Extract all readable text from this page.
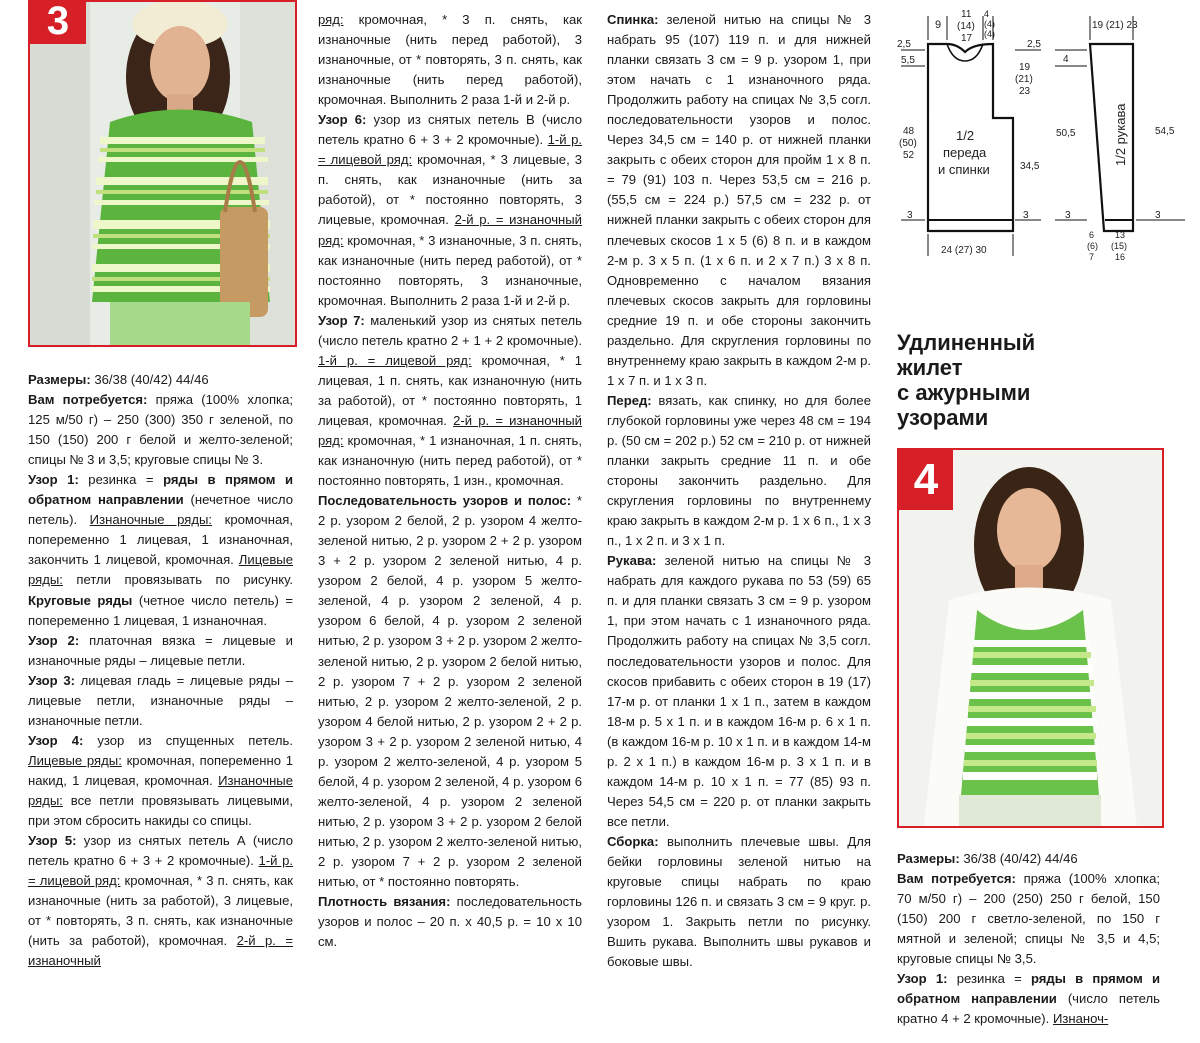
3

Размеры: 36/38 (40/42) 44/46

Вам потребуется: пряжа (100% хлопка; 125 м/50 г) – 250 (300) 350 г зеленой, по 150 (150) 200 г белой и желто-зеленой; спицы № 3 и 3,5; круговые спицы № 3.

Узор 1: резинка = ряды в прямом и обратном направлении (нечетное число петель). Изнаночные ряды: кромочная, попеременно 1 лицевая, 1 изнаночная, закончить 1 лицевой, кромочная. Лицевые ряды: петли провязывать по рисунку. Круговые ряды (четное число петель) = попеременно 1 лицевая, 1 изнаночная.

Узор 2: платочная вязка = лицевые и изнаночные ряды – лицевые петли.

Узор 3: лицевая гладь = лицевые ряды – лицевые петли, изнаночные ряды – изнаночные петли.

Узор 4: узор из спущенных петель. Лицевые ряды: кромочная, попеременно 1 накид, 1 лицевая, кромочная. Изнаночные ряды: все петли провязывать лицевыми, при этом сбросить накиды со спицы.

Узор 5: узор из снятых петель А (число петель кратно 6 + 3 + 2 кромочные). 1-й р. = лицевой ряд: кромочная, * 3 п. снять, как изнаночные (нить за работой), 3 лицевые, от * повторять, 3 п. снять, как изнаночные (нить за работой), кромочная. 2-й р. = изнаночный

ряд: кромочная, * 3 п. снять, как изнаночные (нить перед работой), 3 изнаночные, от * повторять, 3 п. снять, как изнаночные (нить перед работой), кромочная. Выполнить 2 раза 1-й и 2-й р.

Узор 6: узор из снятых петель В (число петель кратно 6 + 3 + 2 кромочные). 1-й р. = лицевой ряд: кромочная, * 3 лицевые, 3 п. снять, как изнаночные (нить за работой), от * постоянно повторять, 3 лицевые, кромочная. 2-й р. = изнаночный ряд: кромочная, * 3 изнаночные, 3 п. снять, как изнаночные (нить перед работой), от * постоянно повторять, 3 изнаночные, кромочная. Выполнить 2 раза 1-й и 2-й р.

Узор 7: маленький узор из снятых петель (число петель кратно 2 + 1 + 2 кромочные). 1-й р. = лицевой ряд: кромочная, * 1 лицевая, 1 п. снять, как изнаночную (нить за работой), от * постоянно повторять, 1 лицевая, кромочная. 2-й р. = изнаночный ряд: кромочная, * 1 изнаночная, 1 п. снять, как изнаночную (нить перед работой), от * постоянно повторять, 1 изн., кромочная.

Последовательность узоров и полос: * 2 р. узором 2 белой, 2 р. узором 4 желто-зеленой нитью, 2 р. узором 2 + 2 р. узором 3 + 2 р. узором 2 зеленой нитью, 4 р. узором 2 белой, 4 р. узором 5 желто-зеленой, 4 р. узором 2 зеленой, 4 р. узором 6 белой, 4 р. узором 2 зеленой нитью, 2 р. узором 3 + 2 р. узором 2 желто-зеленой нитью, 2 р. узором 2 белой нитью, 2 р. узором 7 + 2 р. узором 2 зеленой нитью, 2 р. узором 2 желто-зеленой, 2 р. узором 4 белой нитью, 2 р. узором 2 + 2 р. узором 3 + 2 р. узором 2 зеленой нитью, 4 р. узором 2 желто-зеленой, 4 р. узором 5 белой, 4 р. узором 2 зеленой, 4 р. узором 6 желто-зеленой, 4 р. узором 2 зеленой нитью, 2 р. узором 3 + 2 р. узором 2 белой нитью, 2 р. узором 2 желто-зеленой нитью, 2 р. узором 7 + 2 р. узором 2 зеленой нитью, от * постоянно повторять.

Плотность вязания: последовательность узоров и полос – 20 п. х 40,5 р. = 10 х 10 см.

Спинка: зеленой нитью на спицы № 3 набрать 95 (107) 119 п. и для нижней планки связать 3 см = 9 р. узором 1, при этом начать с 1 изнаночного ряда. Продолжить работу на спицах № 3,5 согл. последовательности узоров и полос. Через 34,5 см = 140 р. от нижней планки закрыть с обеих сторон для пройм 1 х 8 п. = 79 (91) 103 п. Через 53,5 см = 216 р. (55,5 см = 224 р.) 57,5 см = 232 р. от нижней планки закрыть с обеих сторон для плечевых скосов 1 х 5 (6) 8 п. и в каждом 2-м р. 3 х 5 п. (1 х 6 п. и 2 х 7 п.) 3 х 8 п. Одновременно с началом вязания плечевых скосов закрыть для горловины средние 19 п. и обе стороны закончить раздельно. Для скругления горловины по внутреннему краю закрыть в каждом 2-м р. 1 х 7 п. и 1 х 3 п.

Перед: вязать, как спинку, но для более глубокой горловины уже через 48 см = 194 р. (50 см = 202 р.) 52 см = 210 р. от нижней планки закрыть средние 11 п. и обе стороны закончить раздельно. Для скругления горловины по внутреннему краю закрыть в каждом 2-м р. 1 х 6 п., 1 х 3 п., 1 х 2 п. и 3 х 1 п.

Рукава: зеленой нитью на спицы № 3 набрать для каждого рукава по 53 (59) 65 п. и для планки связать 3 см = 9 р. узором 1, при этом начать с 1 изнаночного ряда. Продолжить работу на спицах № 3,5 согл. последовательности узоров и полос. Для скосов прибавить с обеих сторон в 19 (17) 17-м р. от планки 1 х 1 п., затем в каждом 18-м р. 5 х 1 п. и в каждом 16-м р. 6 х 1 п. (в каждом 16-м р. 10 х 1 п. и в каждом 14-м р. 2 х 1 п.) в каждом 16-м р. 3 х 1 п. и в каждом 14-м р. 10 х 1 п. = 77 (85) 93 п. Через 54,5 см = 220 р. от планки закрыть все петли.

Сборка: выполнить плечевые швы. Для бейки горловины зеленой нитью на круговые спицы набрать по краю горловины 126 п. и связать 3 см = 9 круг. р. узором 1. Закрыть петли по рисунку. Вшить рукава. Выполнить швы рукавов и боковые швы.

9
11
(14)
17
4
(4)
(4)
2,5
5,5
2,5
19
(21)
23
48
(50)
52
34,5
3	3
24 (27) 30
1/2
переда
и спинки
19 (21) 23
4
50,5	54,5
3	3
6
(6)
7
13
(15)
16
1/2 рукава
Удлиненный
жилет
с ажурными
узорами
4

Размеры: 36/38 (40/42) 44/46

Вам потребуется: пряжа (100% хлопка; 70 м/50 г) – 200 (250) 250 г белой, 150 (150) 200 г светло-зеленой, по 150 г мятной и зеленой; спицы № 3,5 и 4,5; круговые спицы № 3,5.

Узор 1: резинка = ряды в прямом и обратном направлении (число петель кратно 4 + 2 кромочные). Изнаноч-
